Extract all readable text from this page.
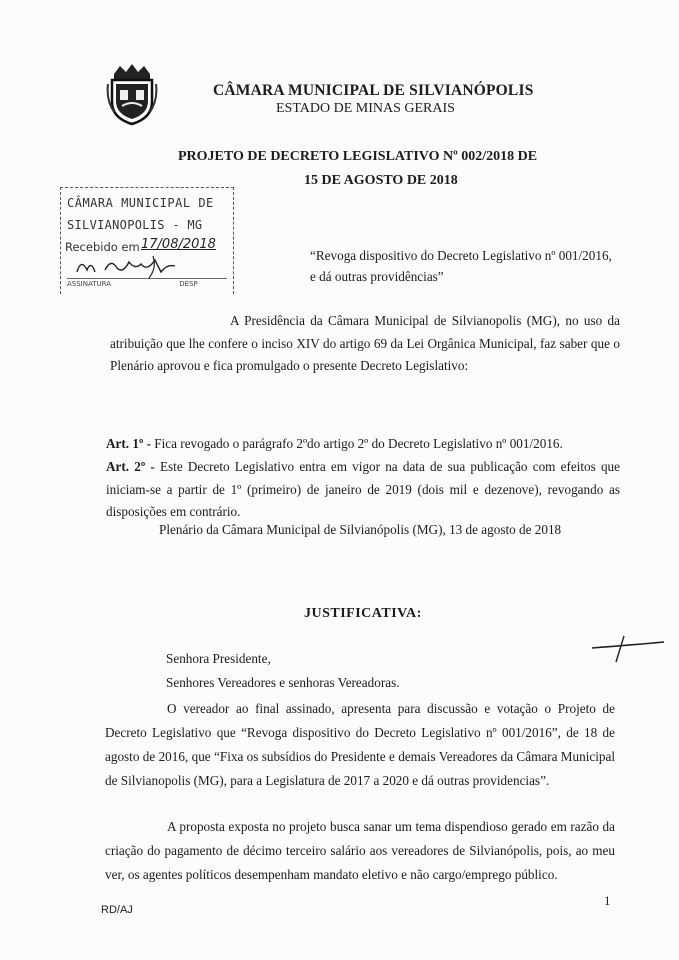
CÂMARA MUNICIPAL DE SILVIANÓPOLIS
ESTADO DE MINAS GERAIS
PROJETO DE DECRETO LEGISLATIVO Nº 002/2018 DE
15 DE AGOSTO DE 2018
CÂMARA MUNICIPAL DE
SILVIANOPOLIS - MG
Recebido em 17/08/2018
ASSINATURA	DESP
“Revoga dispositivo do Decreto Legislativo nº 001/2016,
e dá outras providências”
A Presidência da Câmara Municipal de Silvianopolis (MG), no uso da atribuição que lhe confere o inciso XIV do artigo 69 da Lei Orgânica Municipal, faz saber que o Plenário aprovou e fica promulgado o presente Decreto Legislativo:
Art. 1º - Fica revogado o parágrafo 2ºdo artigo 2º do Decreto Legislativo nº 001/2016.
Art. 2º - Este Decreto Legislativo entra em vigor na data de sua publicação com efeitos que iniciam-se a partir de 1º (primeiro) de janeiro de 2019 (dois mil e dezenove), revogando as disposições em contrário.
Plenário da Câmara Municipal de Silvianópolis (MG), 13 de agosto de 2018
JUSTIFICATIVA:
Senhora Presidente,
Senhores Vereadores e senhoras Vereadoras.
O vereador ao final assinado, apresenta para discussão e votação o Projeto de Decreto Legislativo que “Revoga dispositivo do Decreto Legislativo nº 001/2016”, de 18 de agosto de 2016, que “Fixa os subsídios do Presidente e demais Vereadores da Câmara Municipal de Silvianopolis (MG), para a Legislatura de 2017 a 2020 e dá outras providencias”.
A proposta exposta no projeto busca sanar um tema dispendioso gerado em razão da criação do pagamento de décimo terceiro salário aos vereadores de Silvianópolis, pois, ao meu ver, os agentes políticos desempenham mandato eletivo e não cargo/emprego público.
RD/AJ
1
